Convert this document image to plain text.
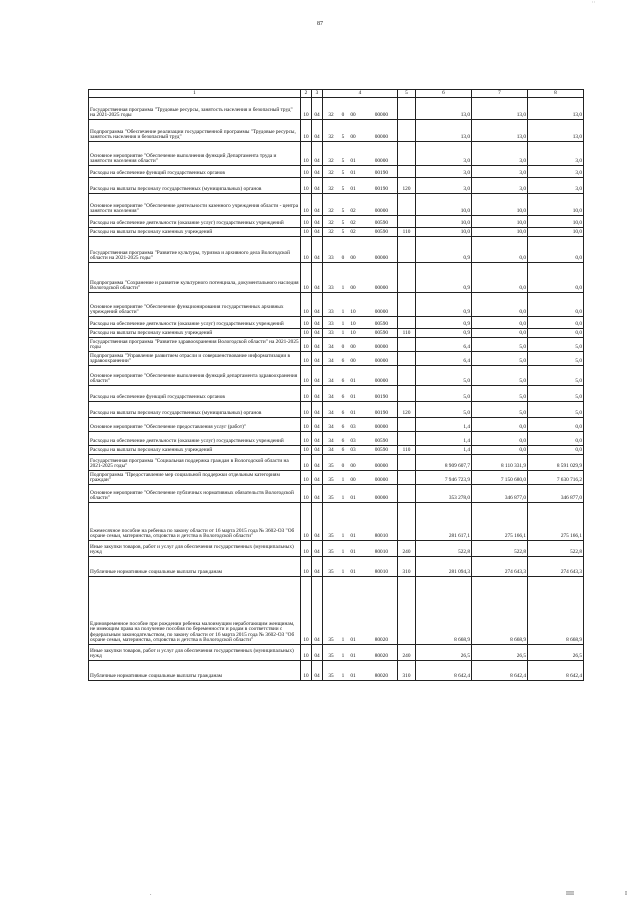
87
' '
1	2	3	4	5	6	7	8
Государственная программа "Трудовые ресурсы, занятость населения и безопасный труд" на 2021-2025 годы	10	04	32 0 00 00000		13,0	13,0	13,0
Подпрограмма "Обеспечение реализации государственной программы "Трудовые ресурсы, занятость населения и безопасный труд"	10	04	32 5 00 00000		13,0	13,0	13,0
Основное мероприятие "Обеспечение выполнения функций Департамента труда и занятости населения области"	10	04	32 5 01 00000		3,0	3,0	3,0
Расходы на обеспечение функций государственных органов	10	04	32 5 01 00190		3,0	3,0	3,0
Расходы на выплаты персоналу государственных (муниципальных) органов	10	04	32 5 01 00190	120	3,0	3,0	3,0
Основное мероприятие "Обеспечение деятельности казенного учреждения области - центра занятости населения"	10	04	32 5 02 00000		10,0	10,0	10,0
Расходы на обеспечение деятельности (оказание услуг) государственных учреждений	10	04	32 5 02 00590		10,0	10,0	10,0
Расходы на выплаты персоналу казенных учреждений	10	04	32 5 02 00590	110	10,0	10,0	10,0
Государственная программа "Развитие культуры, туризма и архивного дела Вологодской области на 2021-2025 годы"	10	04	33 0 00 00000		0,9	0,0	0,0
Подпрограмма "Сохранение и развитие культурного потенциала, документального наследия Вологодской области"	10	04	33 1 00 00000		0,9	0,0	0,0
Основное мероприятие "Обеспечение функционирования государственных архивных учреждений области"	10	04	33 1 10 00000		0,9	0,0	0,0
Расходы на обеспечение деятельности (оказание услуг) государственных учреждений	10	04	33 1 10 00590		0,9	0,0	0,0
Расходы на выплаты персоналу казенных учреждений	10	04	33 1 10 00590	110	0,9	0,0	0,0
Государственная программа "Развитие здравоохранения Вологодской области" на 2021-2025 годы	10	04	34 0 00 00000		6,4	5,0	5,0
Подпрограмма "Управление развитием отрасли и совершенствование информатизации в здравоохранении"	10	04	34 6 00 00000		6,4	5,0	5,0
Основное мероприятие "Обеспечение выполнения функций департамента здравоохранения области"	10	04	34 6 01 00000		5,0	5,0	5,0
Расходы на обеспечение функций государственных органов	10	04	34 6 01 00190		5,0	5,0	5,0
Расходы на выплаты персоналу государственных (муниципальных) органов	10	04	34 6 01 00190	120	5,0	5,0	5,0
Основное мероприятие "Обеспечение предоставления услуг (работ)"	10	04	34 6 03 00000		1,4	0,0	0,0
Расходы на обеспечение деятельности (оказание услуг) государственных учреждений	10	04	34 6 03 00590		1,4	0,0	0,0
Расходы на выплаты персоналу казенных учреждений	10	04	34 6 03 00590	110	1,4	0,0	0,0
Государственная программа "Социальная поддержка граждан в Вологодской области на 2021-2025 годы"	10	04	35 0 00 00000		8 909 607,7	8 110 331,9	8 591 029,9
Подпрограмма "Предоставление мер социальной поддержки отдельным категориям граждан"	10	04	35 1 00 00000		7 946 723,9	7 150 680,0	7 630 716,2
Основное мероприятие "Обеспечение публичных нормативных обязательств Вологодской области"	10	04	35 1 01 00000		353 278,0	346 877,0	346 877,0
Ежемесячное пособие на ребенка по закону области от 16 марта 2015 года № 3602-ОЗ "Об охране семьи, материнства, отцовства и детства в Вологодской области"	10	04	35 1 01 80010		281 617,1	275 166,1	275 166,1
Иные закупки товаров, работ и услуг для обеспечения государственных (муниципальных) нужд	10	04	35 1 01 80010	240	522,8	522,8	522,8
Публичные нормативные социальные выплаты гражданам	10	04	35 1 01 80010	310	281 094,3	274 643,3	274 643,3
Единовременное пособие при рождении ребенка малоимущим неработающим женщинам, не имеющим права на получение пособия по беременности и родам в соответствии с федеральным законодательством, по закону области от 16 марта 2015 года № 3602-ОЗ "Об охране семьи, материнства, отцовства и детства в Вологодской области"	10	04	35 1 01 80020		8 668,9	8 668,9	8 668,9
Иные закупки товаров, работ и услуг для обеспечения государственных (муниципальных) нужд	10	04	35 1 01 80020	240	26,5	26,5	26,5
Публичные нормативные социальные выплаты гражданам	10	04	35 1 01 80020	310	8 642,4	8 642,4	8 642,4
.	IIII	I
